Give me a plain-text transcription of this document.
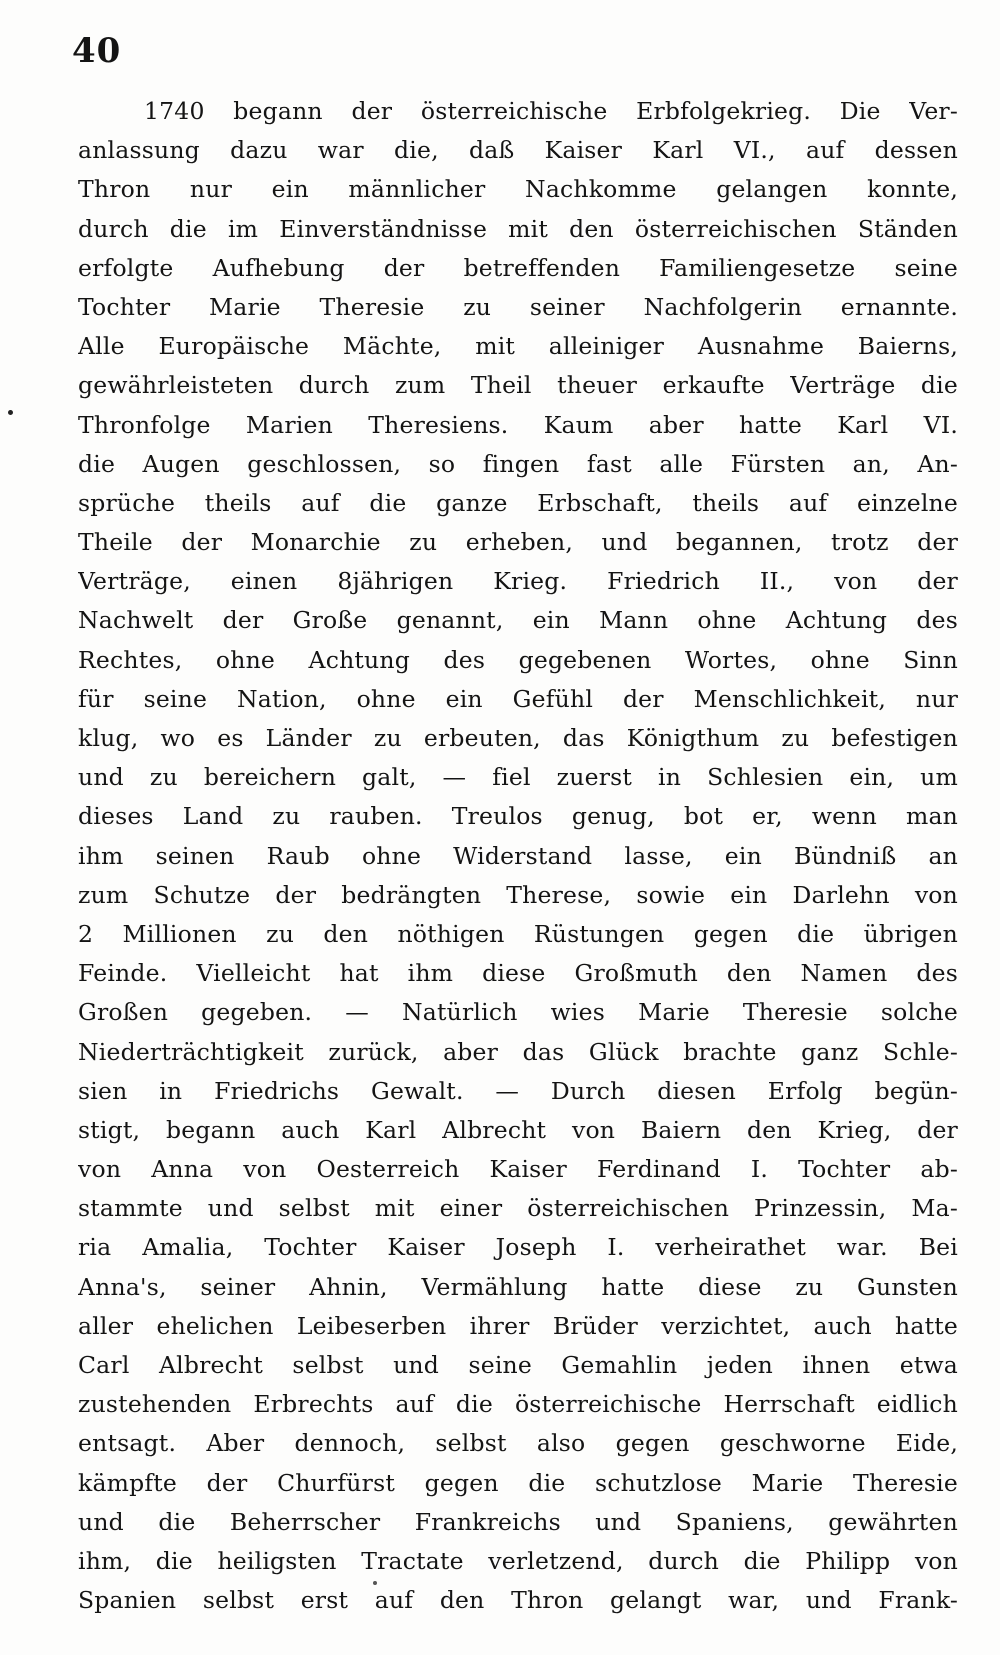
40
1740 begann der österreichische Erbfolgekrieg. Die Ver-
anlassung dazu war die, daß Kaiser Karl VI., auf dessen
Thron nur ein männlicher Nachkomme gelangen konnte,
durch die im Einverständnisse mit den österreichischen Ständen
erfolgte Aufhebung der betreffenden Familiengesetze seine
Tochter Marie Theresie zu seiner Nachfolgerin ernannte.
Alle Europäische Mächte, mit alleiniger Ausnahme Baierns,
gewährleisteten durch zum Theil theuer erkaufte Verträge die
Thronfolge Marien Theresiens. Kaum aber hatte Karl VI.
die Augen geschlossen, so fingen fast alle Fürsten an, An-
sprüche theils auf die ganze Erbschaft, theils auf einzelne
Theile der Monarchie zu erheben, und begannen, trotz der
Verträge, einen 8jährigen Krieg. Friedrich II., von der
Nachwelt der Große genannt, ein Mann ohne Achtung des
Rechtes, ohne Achtung des gegebenen Wortes, ohne Sinn
für seine Nation, ohne ein Gefühl der Menschlichkeit, nur
klug, wo es Länder zu erbeuten, das Königthum zu befestigen
und zu bereichern galt, — fiel zuerst in Schlesien ein, um
dieses Land zu rauben. Treulos genug, bot er, wenn man
ihm seinen Raub ohne Widerstand lasse, ein Bündniß an
zum Schutze der bedrängten Therese, sowie ein Darlehn von
2 Millionen zu den nöthigen Rüstungen gegen die übrigen
Feinde. Vielleicht hat ihm diese Großmuth den Namen des
Großen gegeben. — Natürlich wies Marie Theresie solche
Niederträchtigkeit zurück, aber das Glück brachte ganz Schle-
sien in Friedrichs Gewalt. — Durch diesen Erfolg begün-
stigt, begann auch Karl Albrecht von Baiern den Krieg, der
von Anna von Oesterreich Kaiser Ferdinand I. Tochter ab-
stammte und selbst mit einer österreichischen Prinzessin, Ma-
ria Amalia, Tochter Kaiser Joseph I. verheirathet war. Bei
Anna's, seiner Ahnin, Vermählung hatte diese zu Gunsten
aller ehelichen Leibeserben ihrer Brüder verzichtet, auch hatte
Carl Albrecht selbst und seine Gemahlin jeden ihnen etwa
zustehenden Erbrechts auf die österreichische Herrschaft eidlich
entsagt. Aber dennoch, selbst also gegen geschworne Eide,
kämpfte der Churfürst gegen die schutzlose Marie Theresie
und die Beherrscher Frankreichs und Spaniens, gewährten
ihm, die heiligsten Tractate verletzend, durch die Philipp von
Spanien selbst erst auf den Thron gelangt war, und Frank-
